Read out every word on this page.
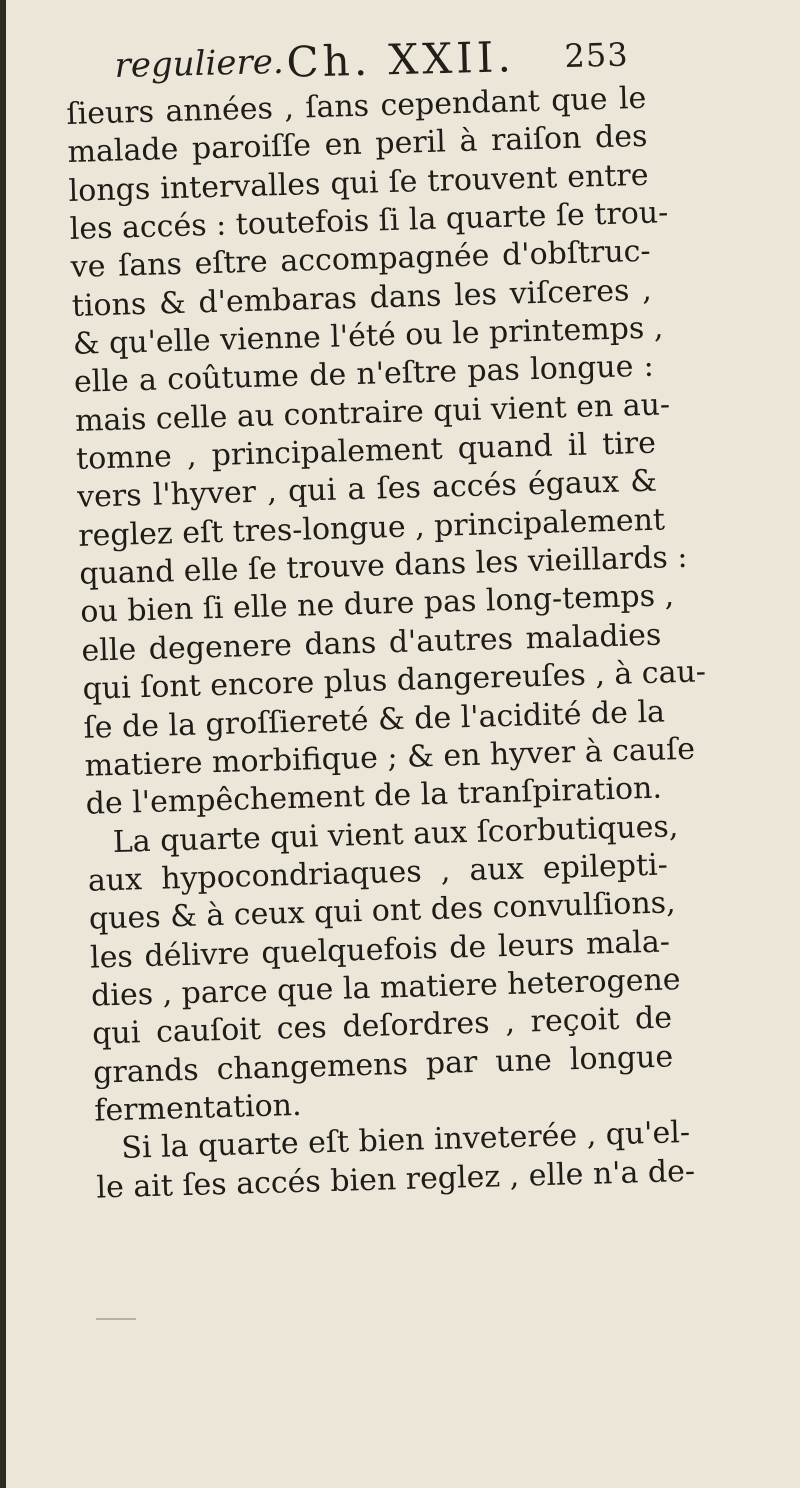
reguliere. Ch. XXII. 253
ſieurs années , ſans cependant que le
malade paroiſſe en peril à raiſon des
longs intervalles qui ſe trouvent entre
les accés : toutefois ſi la quarte ſe trou-
ve ſans eſtre accompagnée d'obſtruc-
tions & d'embaras dans les viſceres ,
& qu'elle vienne l'été ou le printemps ,
elle a coûtume de n'eſtre pas longue :
mais celle au contraire qui vient en au-
tomne , principalement quand il tire
vers l'hyver , qui a ſes accés égaux &
reglez eſt tres-longue , principalement
quand elle ſe trouve dans les vieillards :
ou bien ſi elle ne dure pas long-temps ,
elle degenere dans d'autres maladies
qui ſont encore plus dangereuſes , à cau-
ſe de la groſſiereté & de l'acidité de la
matiere morbifique ; & en hyver à cauſe
de l'empêchement de la tranſpiration.
La quarte qui vient aux ſcorbutiques,
aux hypocondriaques , aux epilepti-
ques & à ceux qui ont des convulſions,
les délivre quelquefois de leurs mala-
dies , parce que la matiere heterogene
qui cauſoit ces deſordres , reçoit de
grands changemens par une longue
fermentation.
Si la quarte eſt bien inveterée , qu'el-
le ait ſes accés bien reglez , elle n'a de-
